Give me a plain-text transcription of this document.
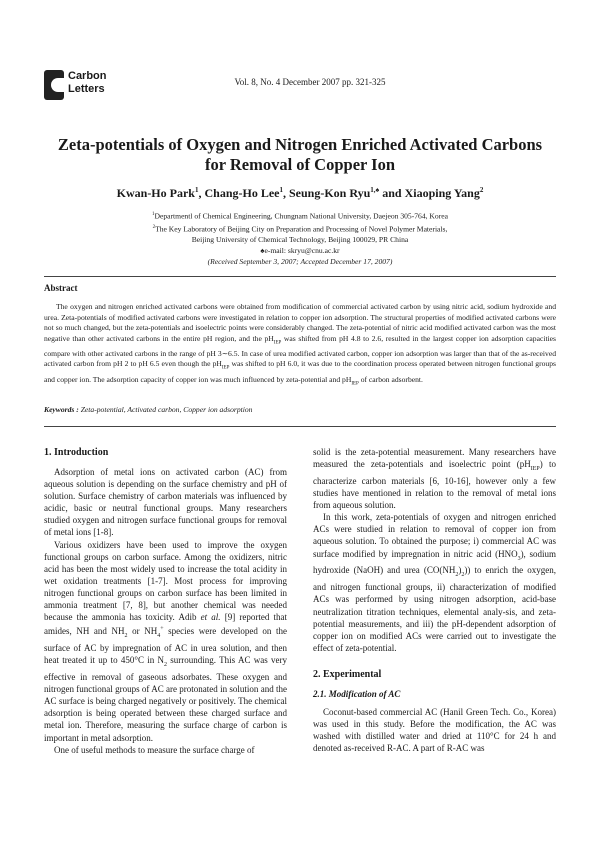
Carbon
Letters
Vol. 8, No. 4 December 2007 pp. 321-325
Zeta-potentials of Oxygen and Nitrogen Enriched Activated Carbons
for Removal of Copper Ion
Kwan-Ho Park$^1$, Chang-Ho Lee$^1$, Seung-Kon Ryu$^{1,♠}$ and Xiaoping Yang$^2$
$^1$Departmentl of Chemical Engineering, Chungnam National University, Daejeon 305-764, Korea
$^2$The Key Laboratory of Beijing City on Preparation and Processing of Novel Polymer Materials,
Beijing University of Chemical Technology, Beijing 100029, PR China
♠e-mail: skryu@cnu.ac.kr
(Received September 3, 2007; Accepted December 17, 2007)
Abstract
The oxygen and nitrogen enriched activated carbons were obtained from modification of commercial activated carbon by using nitric acid, sodium hydroxide and urea. Zeta-potentials of modified activated carbons were investigated in relation to copper ion adsorption. The structural properties of modified activated carbons were not so much changed, but the zeta-potentials and isoelectric points were considerably changed. The zeta-potential of nitric acid modified activated carbon was the most negative than other activated carbons in the entire pH region, and the $pH_{IEP}$ was shifted from pH 4.8 to 2.6, resulted in the largest copper ion adsorption capacities compare with other activated carbons in the range of pH 3∼6.5. In case of urea modified activated carbon, copper ion adsorption was larger than that of the as-received activated carbon from pH 2 to pH 6.5 even though the $pH_{IEP}$ was shifted to pH 6.0, it was due to the coordination process operated between nitrogen functional groups and copper ion. The adsorption capacity of copper ion was much influenced by zeta-potential and $pH_{IEP}$ of carbon adsorbent.
Keywords : Zeta-potential, Activated carbon, Copper ion adsorption
1. Introduction

Adsorption of metal ions on activated carbon (AC) from aqueous solution is depending on the surface chemistry and pH of solution. Surface chemistry of carbon materials was influenced by acidic, basic or neutral functional groups. Many researchers studied oxygen and nitrogen surface functional groups for removal of metal ions [1-8].

Various oxidizers have been used to improve the oxygen functional groups on carbon surface. Among the oxidizers, nitric acid has been the most widely used to increase the total acidity in wet oxidation treatments [1-7]. Most process for improving nitrogen functional groups on carbon surface has been limited in ammonia treatment [7, 8], but another chemical was needed because the ammonia has toxicity. Adib et al. [9] reported that amides, NH and $NH_2$ or $NH_4^+$ species were developed on the surface of AC by impregnation of AC in urea solution, and then heat treated it up to 450°C in $N_2$ surrounding. This AC was very effective in removal of gaseous adsorbates. These oxygen and nitrogen functional groups of AC are protonated in solution and the AC surface is being charged negatively or positively. The chemical adsorption is being operated between these charged surface and metal ion. Therefore, measuring the surface charge of carbon is important in metal adsorption.

One of useful methods to measure the surface charge of

solid is the zeta-potential measurement. Many researchers have measured the zeta-potentials and isoelectric point $(pH_{IEP})$ to characterize carbon materials [6, 10-16], however only a few studies have mentioned in relation to the removal of metal ions from aqueous solution.

In this work, zeta-potentials of oxygen and nitrogen enriched ACs were studied in relation to removal of copper ion from aqueous solution. To obtained the purpose; i) commercial AC was surface modified by impregnation in nitric acid $(HNO_3)$, sodium hydroxide (NaOH) and urea $(CO(NH_2)_2)$) to enrich the oxygen, and nitrogen functional groups, ii) characterization of modified ACs was performed by using nitrogen adsorption, acid-base neutralization titration techniques, elemental analy-sis, and zeta-potential measurements, and iii) the pH-dependent adsorption of copper ion on modified ACs were carried out to investigate the effect of zeta-potential.

2. Experimental
2.1. Modification of AC

Coconut-based commercial AC (Hanil Green Tech. Co., Korea) was used in this study. Before the modification, the AC was washed with distilled water and dried at 110°C for 24 h and denoted as-received R-AC. A part of R-AC was
